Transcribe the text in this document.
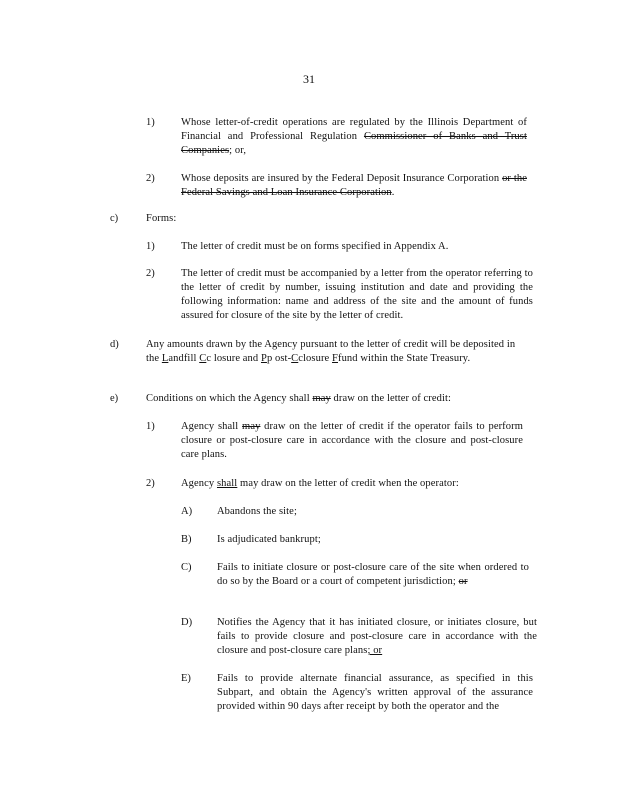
31
1)	Whose letter-of-credit operations are regulated by the Illinois Department of Financial and Professional Regulation Commissioner of Banks and Trust Companies; or,
2)	Whose deposits are insured by the Federal Deposit Insurance Corporation or the Federal Savings and Loan Insurance Corporation.
c)	Forms:
1)	The letter of credit must be on forms specified in Appendix A.
2)	The letter of credit must be accompanied by a letter from the operator referring to the letter of credit by number, issuing institution and date and providing the following information: name and address of the site and the amount of funds assured for closure of the site by the letter of credit.
d)	Any amounts drawn by the Agency pursuant to the letter of credit will be deposited in the Landfill Cc losure and Pp ost-Cclosure Ffund within the State Treasury.
e)	Conditions on which the Agency shall may draw on the letter of credit:
1)	Agency shall may draw on the letter of credit if the operator fails to perform closure or post-closure care in accordance with the closure and post-closure care plans.
2)	Agency shall may draw on the letter of credit when the operator:
A) Abandons the site;
B) Is adjudicated bankrupt;
C) Fails to initiate closure or post-closure care of the site when ordered to do so by the Board or a court of competent jurisdiction; or
D) Notifies the Agency that it has initiated closure, or initiates closure, but fails to provide closure and post-closure care in accordance with the closure and post-closure care plans; or
E) Fails to provide alternate financial assurance, as specified in this Subpart, and obtain the Agency's written approval of the assurance provided within 90 days after receipt by both the operator and the
